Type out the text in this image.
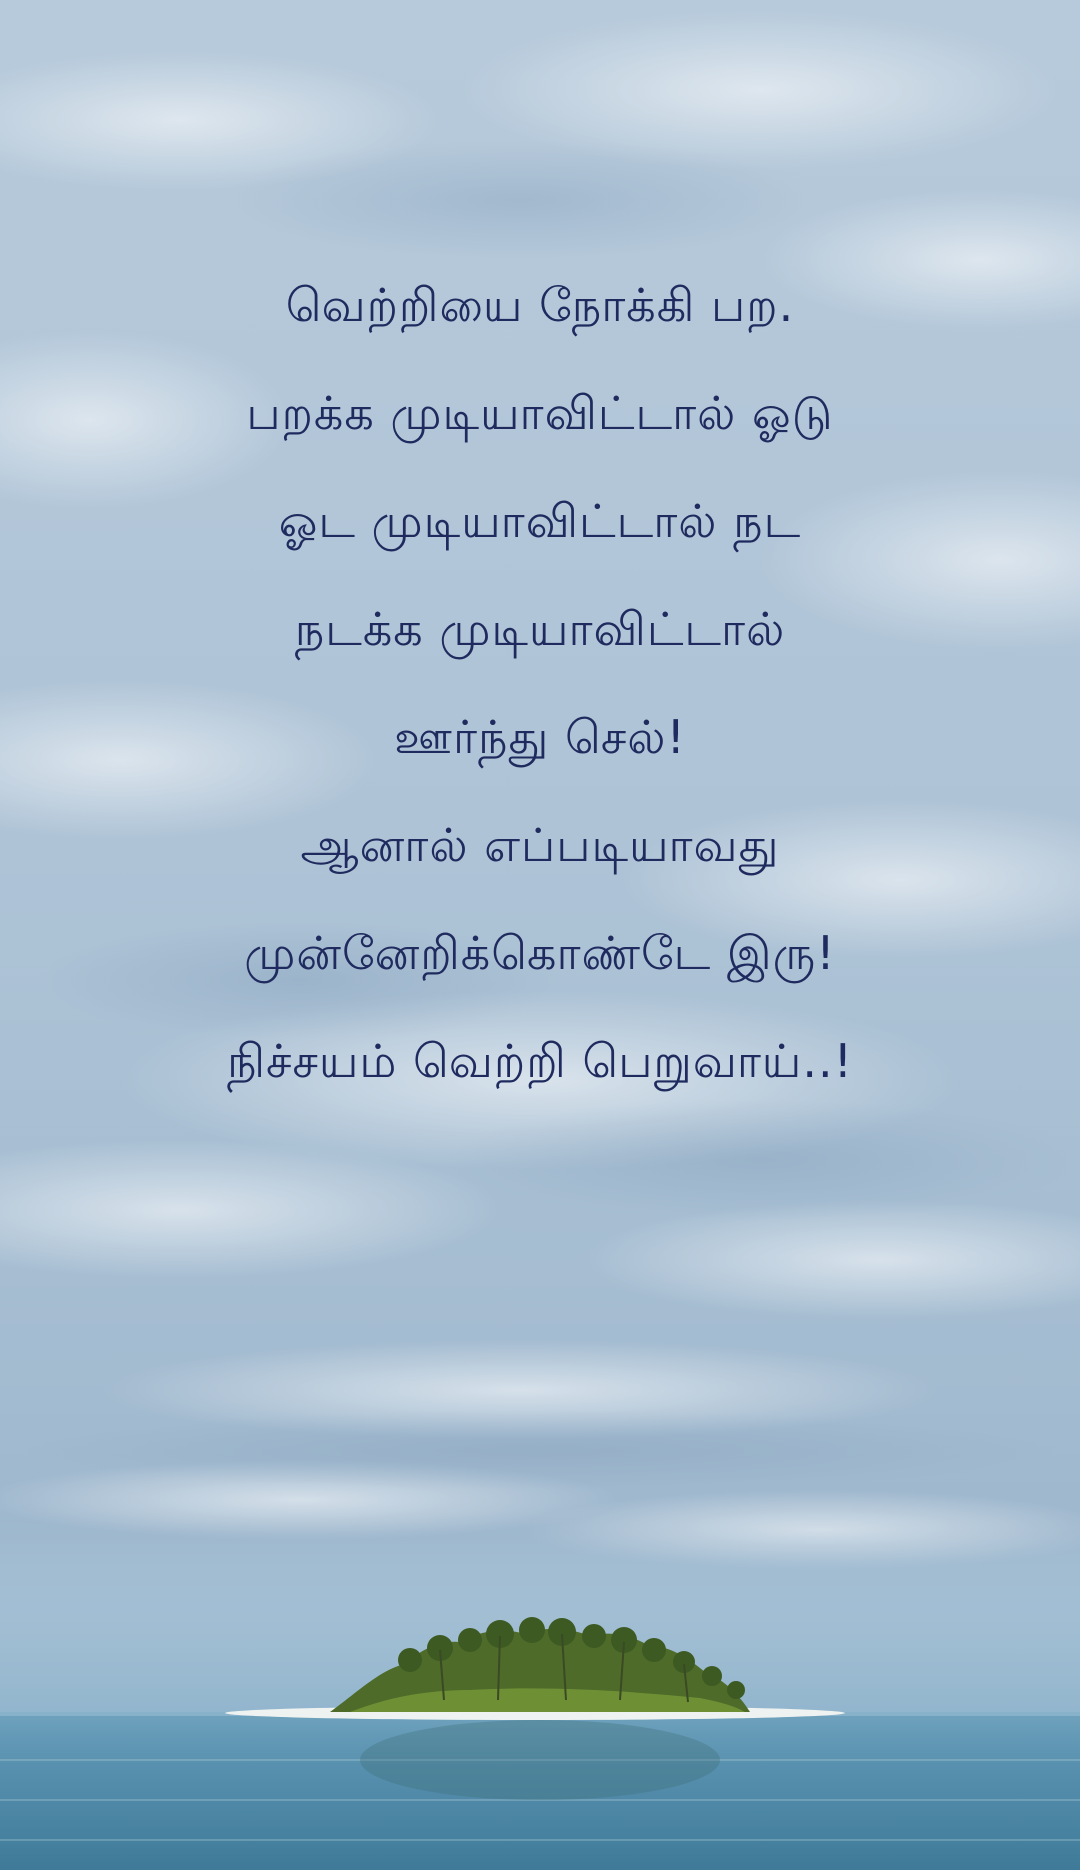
வெற்றியை நோக்கி பற.
பறக்க முடியாவிட்டால் ஓடு
ஓட முடியாவிட்டால் நட
நடக்க முடியாவிட்டால்
ஊர்ந்து செல்!
ஆனால் எப்படியாவது
முன்னேறிக்கொண்டே இரு!
நிச்சயம் வெற்றி பெறுவாய்..!
